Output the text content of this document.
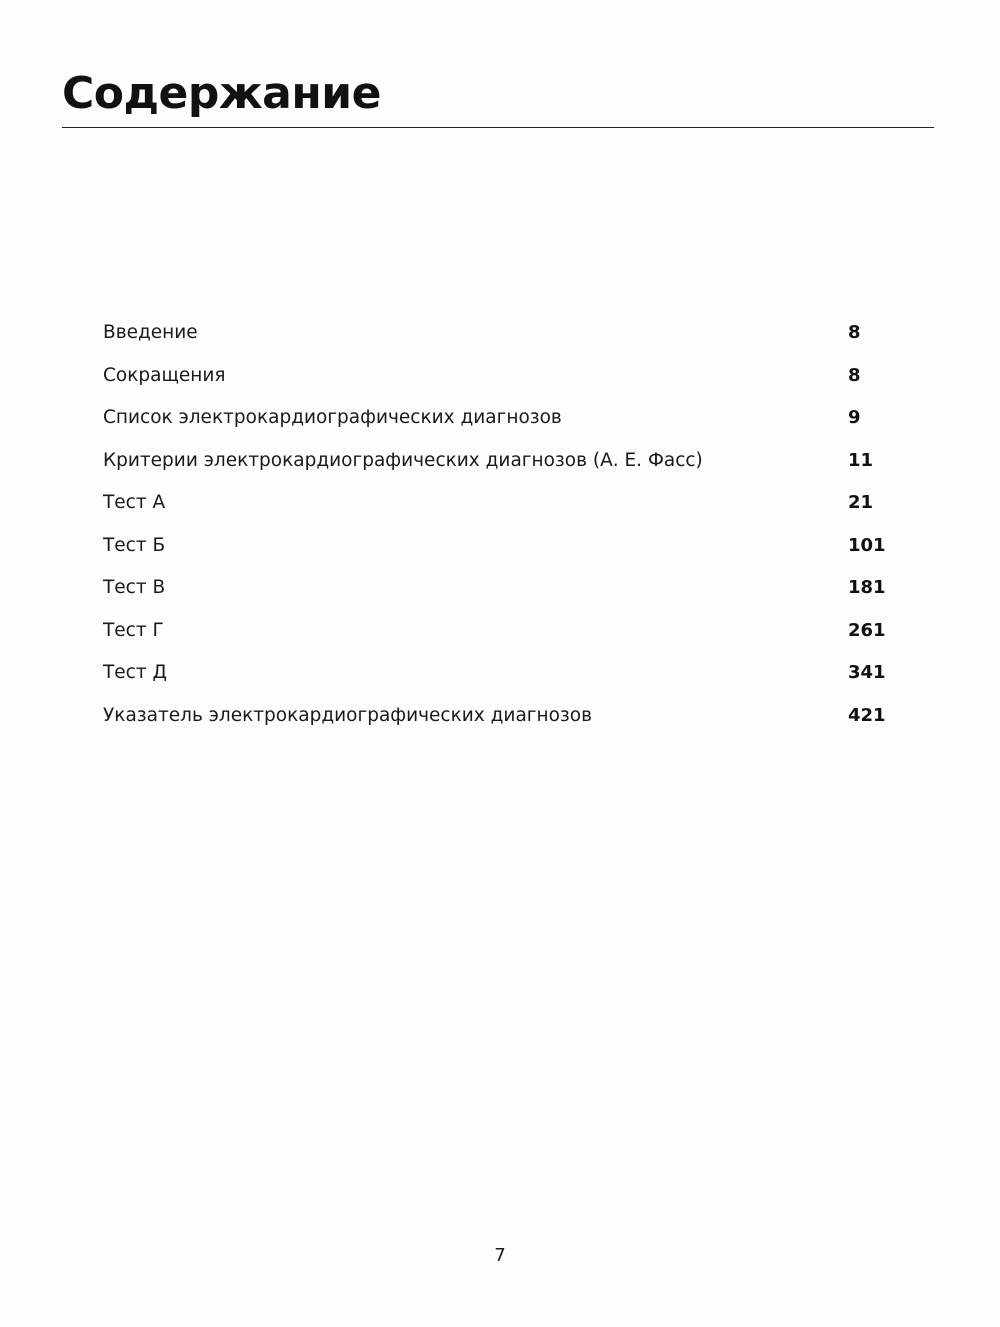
Содержание
Введение	8
Сокращения	8
Список электрокардиографических диагнозов	9
Критерии электрокардиографических диагнозов (А. Е. Фасс)	11
Тест А	21
Тест Б	101
Тест В	181
Тест Г	261
Тест Д	341
Указатель электрокардиографических диагнозов	421
7
